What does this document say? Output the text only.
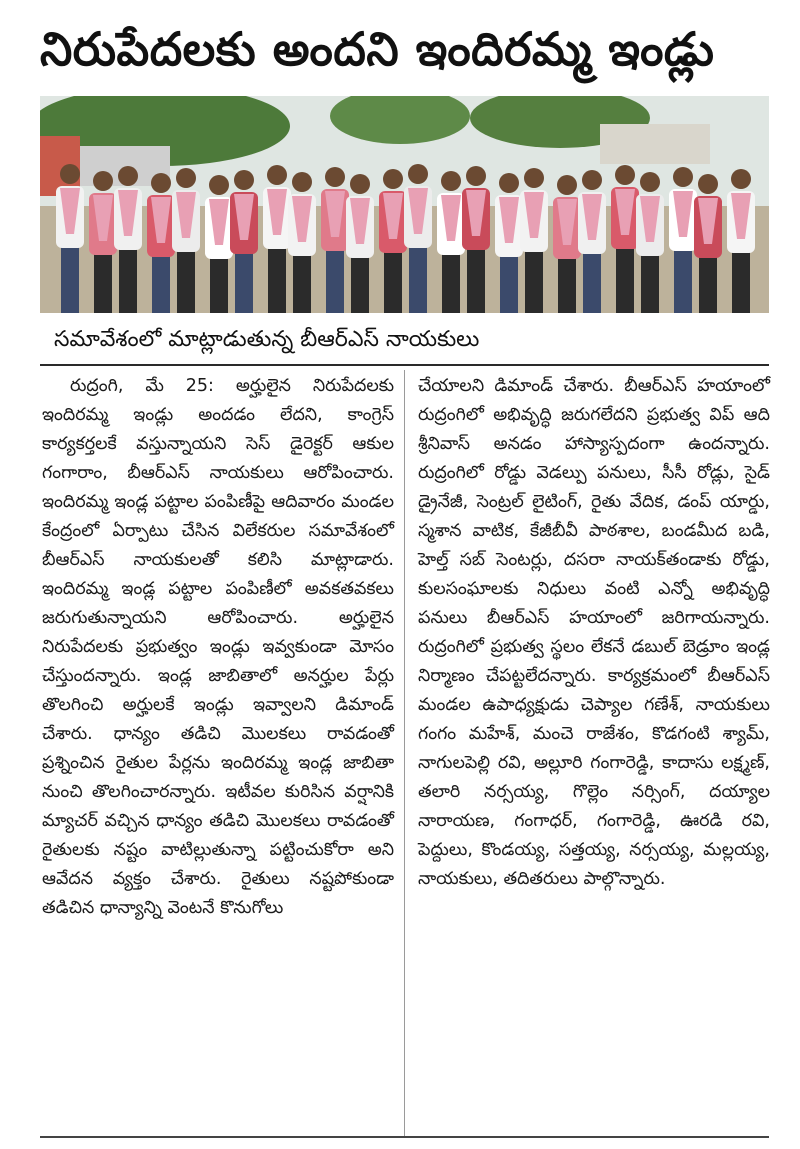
నిరుపేదలకు అందని ఇందిరమ్మ ఇండ్లు
సమావేశంలో మాట్లాడుతున్న బీఆర్ఎస్ నాయకులు
రుద్రంగి, మే 25: అర్హులైన నిరుపేదలకు ఇందిరమ్మ ఇండ్లు అందడం లేదని, కాంగ్రెస్ కార్యకర్తలకే వస్తున్నాయని సెస్ డైరెక్టర్ ఆకుల గంగారాం, బీఆర్ఎస్ నాయకులు ఆరోపించారు. ఇందిరమ్మ ఇండ్ల పట్టాల పంపిణీపై ఆదివారం మండల కేంద్రంలో ఏర్పాటు చేసిన విలేకరుల సమావేశంలో బీఆర్ఎస్ నాయకులతో కలిసి మాట్లాడారు. ఇందిరమ్మ ఇండ్ల పట్టాల పంపిణీలో అవకతవకలు జరుగుతున్నాయని ఆరోపించారు. అర్హులైన నిరుపేదలకు ప్రభుత్వం ఇండ్లు ఇవ్వకుండా మోసం చేస్తుందన్నారు. ఇండ్ల జాబితాలో అనర్హుల పేర్లు తొలగించి అర్హులకే ఇండ్లు ఇవ్వాలని డిమాండ్ చేశారు. ధాన్యం తడిచి మొలకలు రావడంతో ప్రశ్నించిన రైతుల పేర్లను ఇందిరమ్మ ఇండ్ల జాబితా నుంచి తొలగించారన్నారు. ఇటీవల కురిసిన వర్షానికి మ్యాచర్ వచ్చిన ధాన్యం తడిచి మొలకలు రావడంతో రైతులకు నష్టం వాటిల్లుతున్నా పట్టించుకోరా అని ఆవేదన వ్యక్తం చేశారు. రైతులు నష్టపోకుండా తడిచిన ధాన్యాన్ని వెంటనే కొనుగోలు
చేయాలని డిమాండ్ చేశారు. బీఆర్ఎస్ హయాంలో రుద్రంగిలో అభివృద్ధి జరుగలేదని ప్రభుత్వ విప్ ఆది శ్రీనివాస్ అనడం హాస్యాస్పదంగా ఉందన్నారు. రుద్రంగిలో రోడ్డు వెడల్పు పనులు, సీసీ రోడ్లు, సైడ్ డ్రైనేజీ, సెంట్రల్ లైటింగ్, రైతు వేదిక, డంప్ యార్డు, స్మశాన వాటిక, కేజీబీవీ పాఠశాల, బండమీద బడి, హెల్త్ సబ్ సెంటర్లు, దసరా నాయక్‌తండాకు రోడ్డు, కులసంఘాలకు నిధులు వంటి ఎన్నో అభివృద్ధి పనులు బీఆర్ఎస్ హయాంలో జరిగాయన్నారు. రుద్రంగిలో ప్రభుత్వ స్థలం లేకనే డబుల్ బెడ్రూం ఇండ్ల నిర్మాణం చేపట్టలేదన్నారు. కార్యక్రమంలో బీఆర్ఎస్ మండల ఉపాధ్యక్షుడు చెప్యాల గణేశ్, నాయకులు గంగం మహేశ్, మంచె రాజేశం, కొడగంటి శ్యామ్, నాగులపెల్లి రవి, అల్లూరి గంగారెడ్డి, కాదాసు లక్ష్మణ్, తలారి నర్సయ్య, గొల్లెం నర్సింగ్, దయ్యాల నారాయణ, గంగాధర్, గంగారెడ్డి, ఊరడి రవి, పెద్దులు, కొండయ్య, సత్తయ్య, నర్సయ్య, మల్లయ్య, నాయకులు, తదితరులు పాల్గొన్నారు.
